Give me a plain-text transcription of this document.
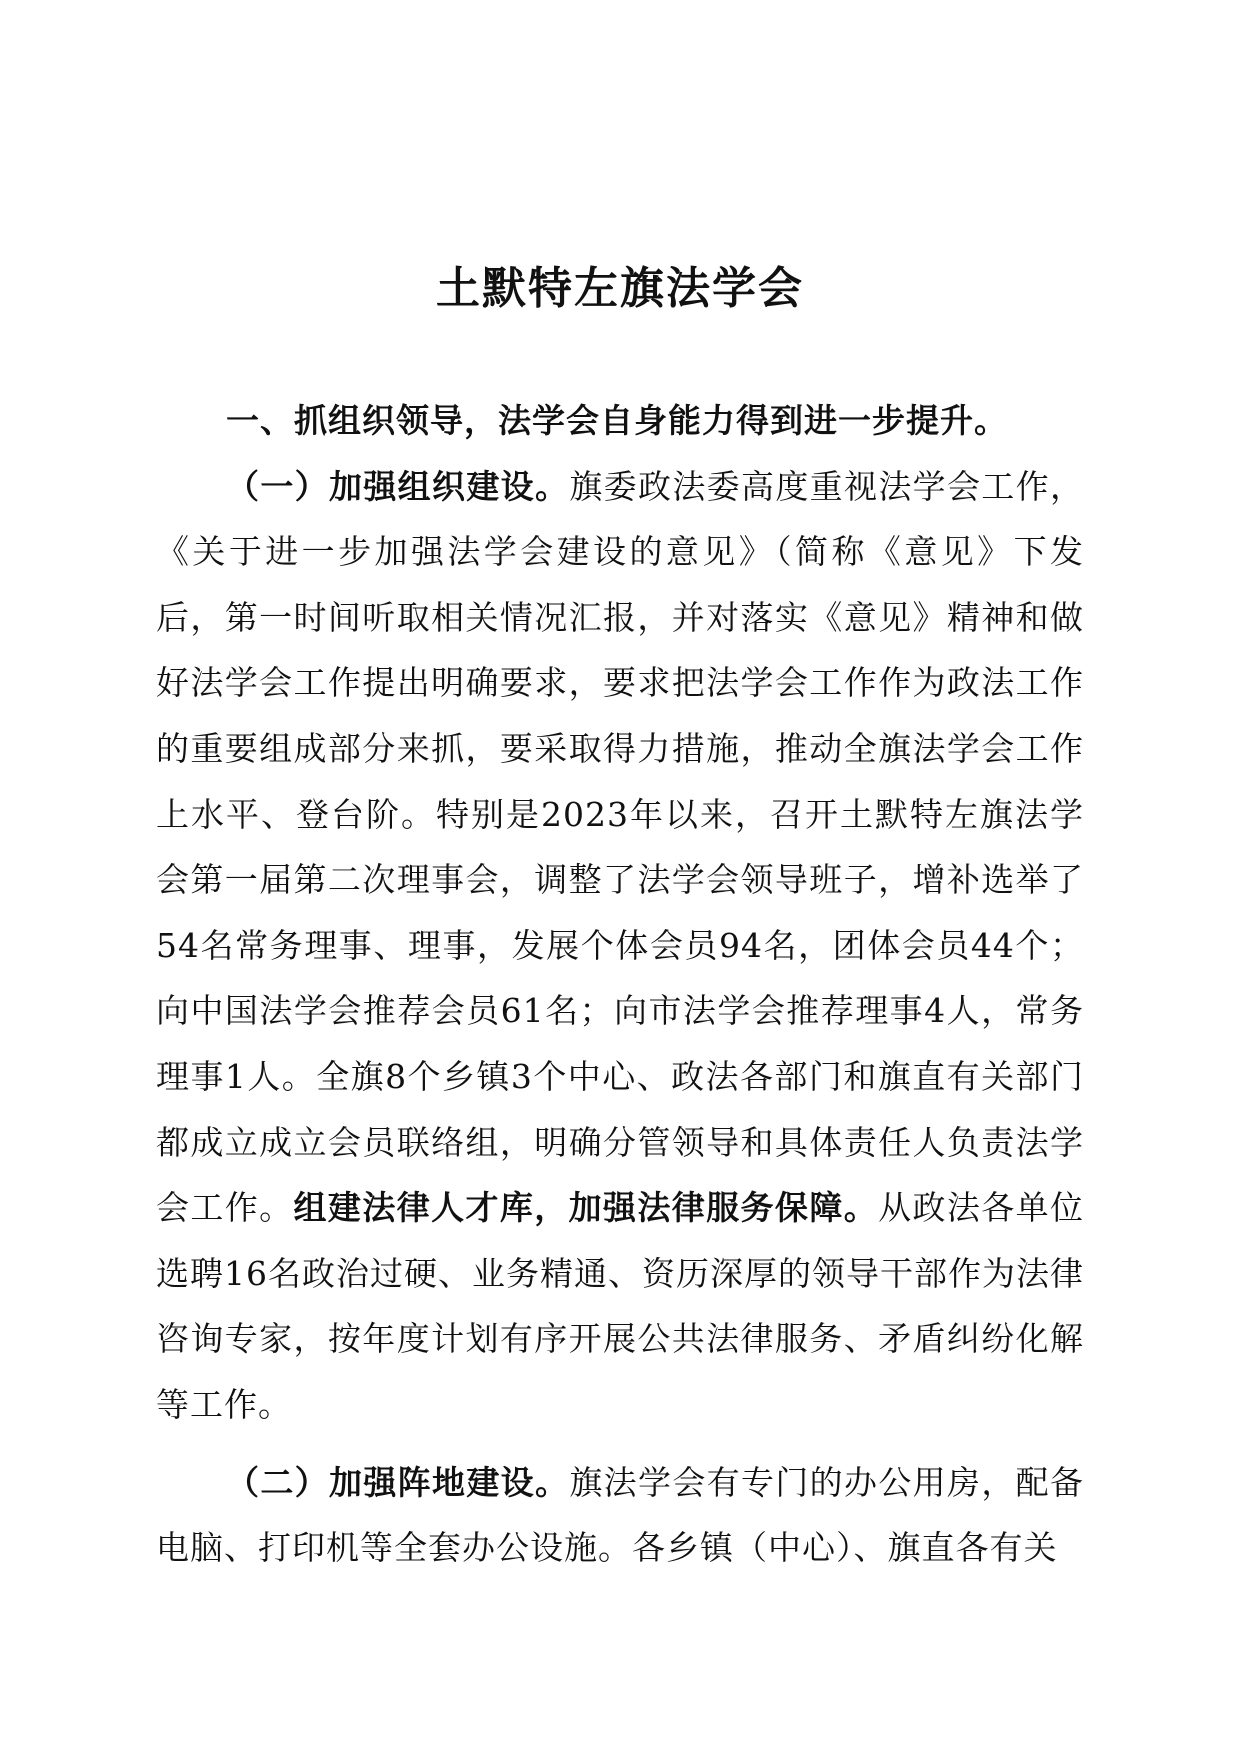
土默特左旗法学会

一、抓组织领导，法学会自身能力得到进一步提升。

（一）加强组织建设。旗委政法委高度重视法学会工作，《关于进一步加强法学会建设的意见》（简称《意见》下发后，第一时间听取相关情况汇报，并对落实《意见》精神和做好法学会工作提出明确要求，要求把法学会工作作为政法工作的重要组成部分来抓，要采取得力措施，推动全旗法学会工作上水平、登台阶。特别是2023年以来，召开土默特左旗法学会第一届第二次理事会，调整了法学会领导班子，增补选举了54名常务理事、理事，发展个体会员94名，团体会员44个；向中国法学会推荐会员61名；向市法学会推荐理事4人，常务理事1人。全旗8个乡镇3个中心、政法各部门和旗直有关部门都成立成立会员联络组，明确分管领导和具体责任人负责法学会工作。组建法律人才库，加强法律服务保障。从政法各单位选聘16名政治过硬、业务精通、资历深厚的领导干部作为法律咨询专家，按年度计划有序开展公共法律服务、矛盾纠纷化解等工作。

（二）加强阵地建设。旗法学会有专门的办公用房，配备电脑、打印机等全套办公设施。各乡镇（中心）、旗直各有关
